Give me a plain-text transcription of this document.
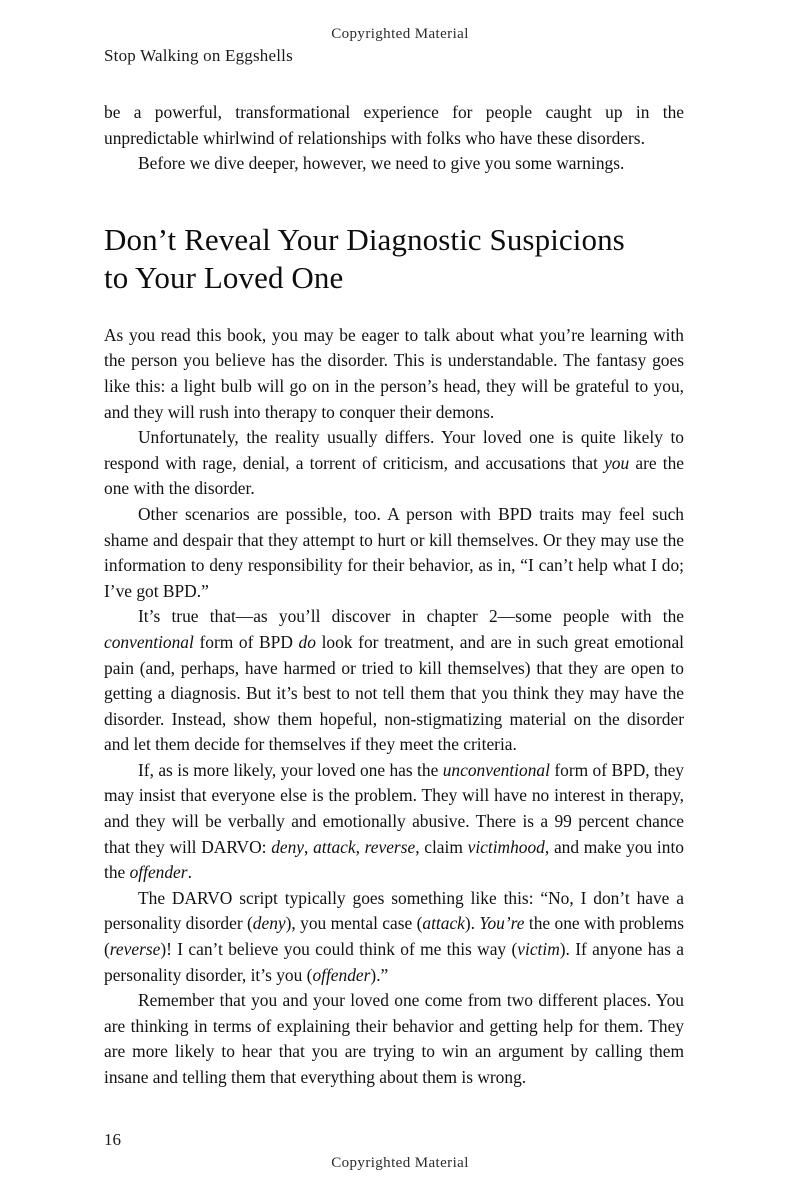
Copyrighted Material
Stop Walking on Eggshells

be a powerful, transformational experience for people caught up in the unpredictable whirlwind of relationships with folks who have these disorders.

Before we dive deeper, however, we need to give you some warnings.

Don’t Reveal Your Diagnostic Suspicions
to Your Loved One

As you read this book, you may be eager to talk about what you’re learning with the person you believe has the disorder. This is understandable. The fantasy goes like this: a light bulb will go on in the person’s head, they will be grateful to you, and they will rush into therapy to conquer their demons.

Unfortunately, the reality usually differs. Your loved one is quite likely to respond with rage, denial, a torrent of criticism, and accusations that you are the one with the disorder.

Other scenarios are possible, too. A person with BPD traits may feel such shame and despair that they attempt to hurt or kill themselves. Or they may use the information to deny responsibility for their behavior, as in, “I can’t help what I do; I’ve got BPD.”

It’s true that—as you’ll discover in chapter 2—some people with the conventional form of BPD do look for treatment, and are in such great emotional pain (and, perhaps, have harmed or tried to kill themselves) that they are open to getting a diagnosis. But it’s best to not tell them that you think they may have the disorder. Instead, show them hopeful, non-stigmatizing material on the disorder and let them decide for themselves if they meet the criteria.

If, as is more likely, your loved one has the unconventional form of BPD, they may insist that everyone else is the problem. They will have no interest in therapy, and they will be verbally and emotionally abusive. There is a 99 percent chance that they will DARVO: deny, attack, reverse, claim victimhood, and make you into the offender.

The DARVO script typically goes something like this: “No, I don’t have a personality disorder (deny), you mental case (attack). You’re the one with problems (reverse)! I can’t believe you could think of me this way (victim). If anyone has a personality disorder, it’s you (offender).”

Remember that you and your loved one come from two different places. You are thinking in terms of explaining their behavior and getting help for them. They are more likely to hear that you are trying to win an argument by calling them insane and telling them that everything about them is wrong.

16
Copyrighted Material
